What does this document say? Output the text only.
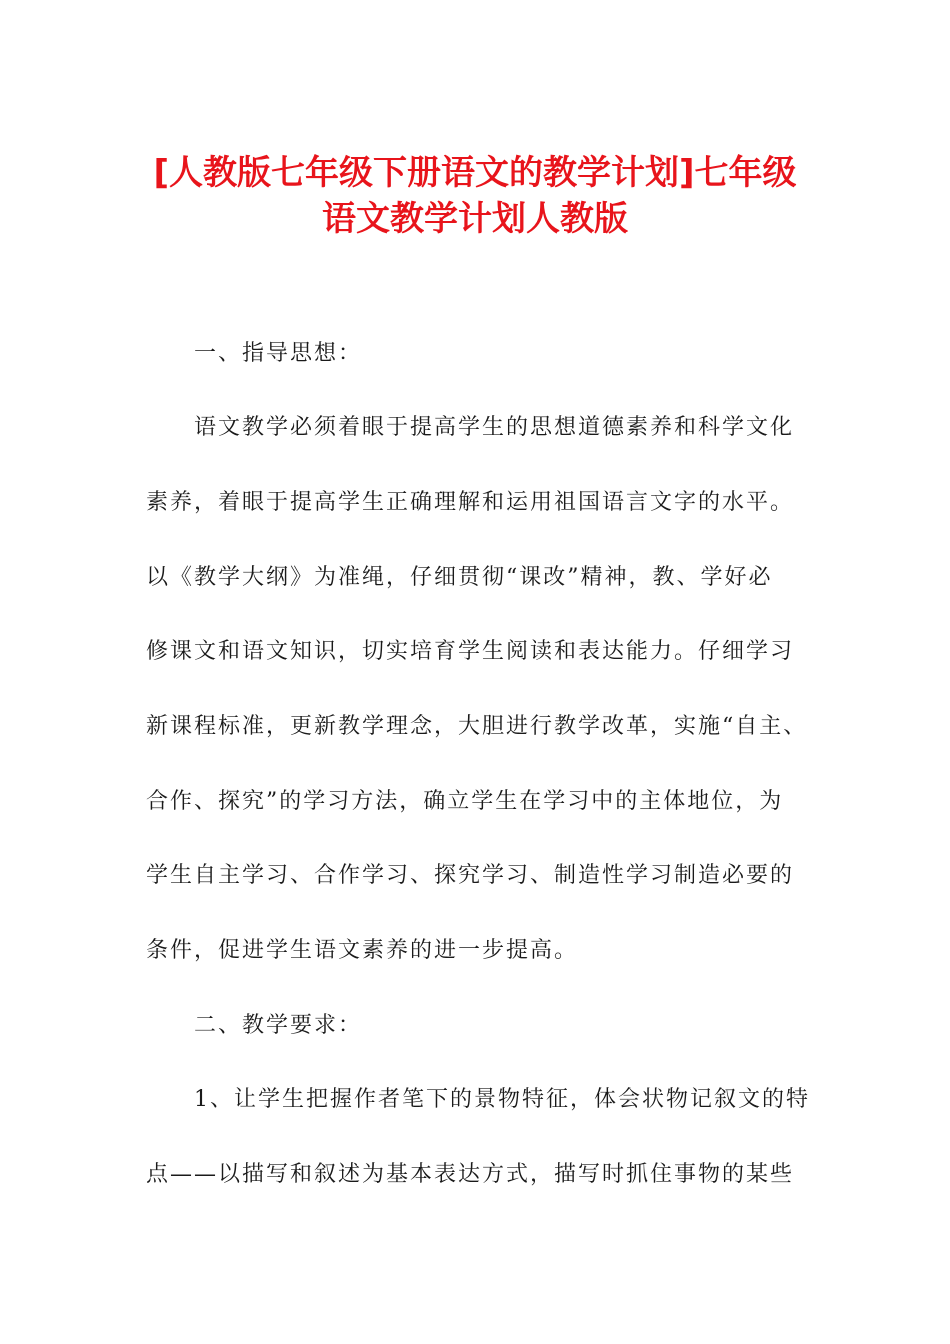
[人教版七年级下册语文的教学计划]七年级
语文教学计划人教版
　　一、指导思想：
　　语文教学必须着眼于提高学生的思想道德素养和科学文化
素养，着眼于提高学生正确理解和运用祖国语言文字的水平。
以《教学大纲》为准绳，仔细贯彻“课改”精神，教、学好必
修课文和语文知识，切实培育学生阅读和表达能力。仔细学习
新课程标准，更新教学理念，大胆进行教学改革，实施“自主、
合作、探究”的学习方法，确立学生在学习中的主体地位，为
学生自主学习、合作学习、探究学习、制造性学习制造必要的
条件，促进学生语文素养的进一步提高。
　　二、教学要求：
　　1、让学生把握作者笔下的景物特征，体会状物记叙文的特
点——以描写和叙述为基本表达方式，描写时抓住事物的某些
